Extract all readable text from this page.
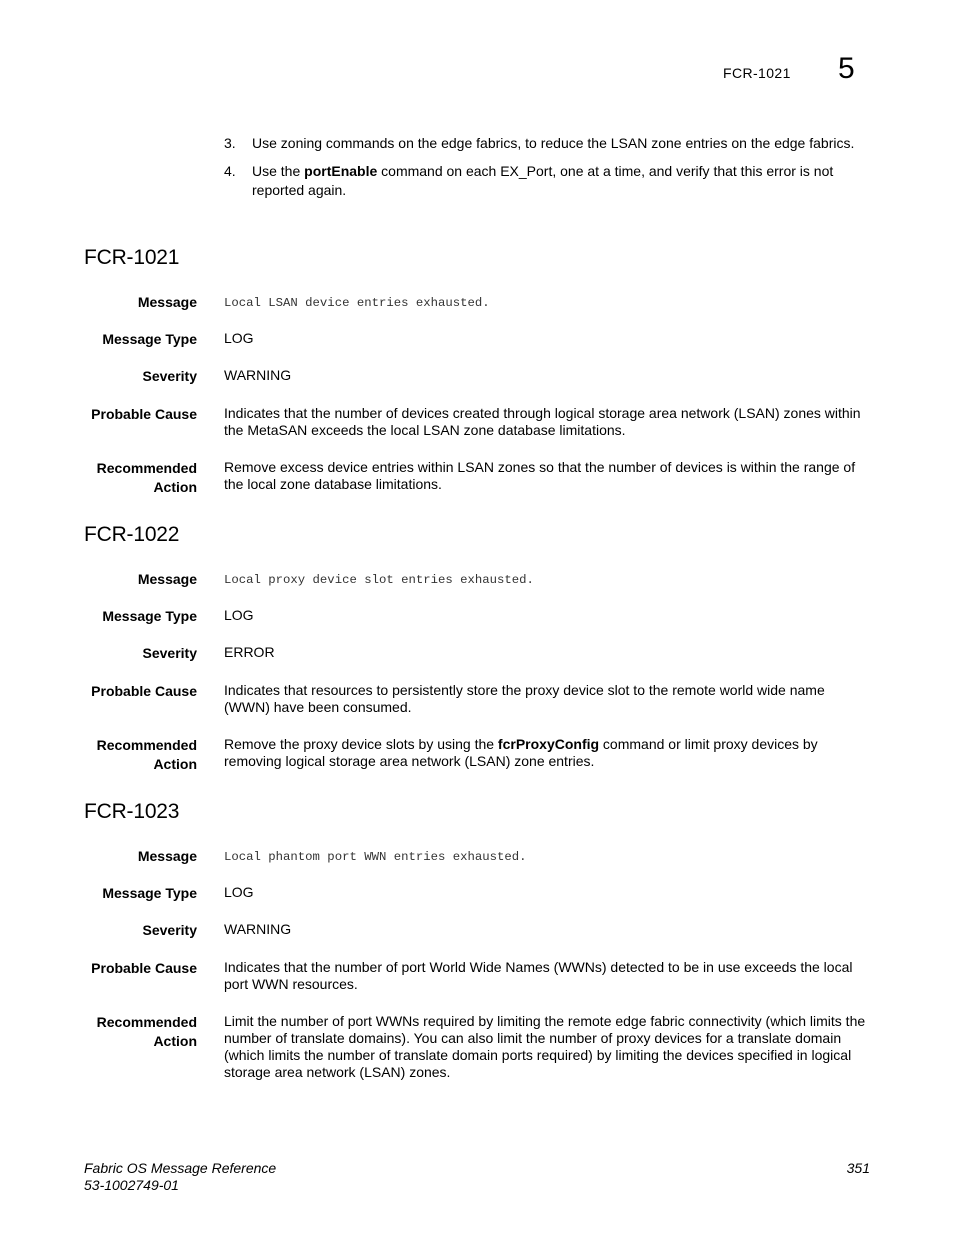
FCR-1021 5
3. Use zoning commands on the edge fabrics, to reduce the LSAN zone entries on the edge fabrics.
4. Use the portEnable command on each EX_Port, one at a time, and verify that this error is not reported again.
FCR-1021
Message Local LSAN device entries exhausted.
Message Type LOG
Severity WARNING
Probable Cause Indicates that the number of devices created through logical storage area network (LSAN) zones within the MetaSAN exceeds the local LSAN zone database limitations.
Recommended
Action
Remove excess device entries within LSAN zones so that the number of devices is within the range of the local zone database limitations.
FCR-1022
Message Local proxy device slot entries exhausted.
Message Type LOG
Severity ERROR
Probable Cause Indicates that resources to persistently store the proxy device slot to the remote world wide name (WWN) have been consumed.
Recommended
Action
Remove the proxy device slots by using the fcrProxyConfig command or limit proxy devices by removing logical storage area network (LSAN) zone entries.
FCR-1023
Message Local phantom port WWN entries exhausted.
Message Type LOG
Severity WARNING
Probable Cause Indicates that the number of port World Wide Names (WWNs) detected to be in use exceeds the local port WWN resources.
Recommended
Action
Limit the number of port WWNs required by limiting the remote edge fabric connectivity (which limits the number of translate domains). You can also limit the number of proxy devices for a translate domain (which limits the number of translate domain ports required) by limiting the devices specified in logical storage area network (LSAN) zones.
Fabric OS Message Reference
53-1002749-01
351
